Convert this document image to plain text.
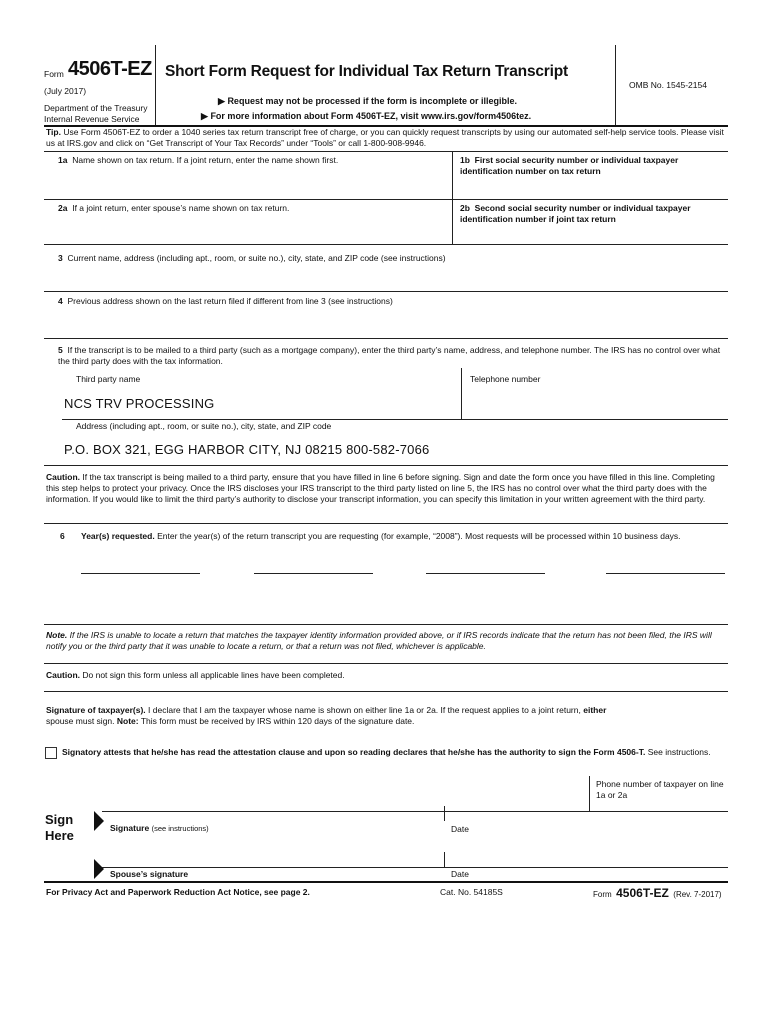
Form 4506T-EZ
(July 2017)
Department of the Treasury
Internal Revenue Service
Short Form Request for Individual Tax Return Transcript
▶ Request may not be processed if the form is incomplete or illegible.
▶ For more information about Form 4506T-EZ, visit www.irs.gov/form4506tez.
OMB No. 1545-2154
Tip. Use Form 4506T-EZ to order a 1040 series tax return transcript free of charge, or you can quickly request transcripts by using our automated self-help service tools. Please visit us at IRS.gov and click on “Get Transcript of Your Tax Records” under “Tools” or call 1-800-908-9946.
1a Name shown on tax return. If a joint return, enter the name shown first.	1b First social security number or individual taxpayer identification number on tax return
2a If a joint return, enter spouse’s name shown on tax return.	2b Second social security number or individual taxpayer identification number if joint tax return
3 Current name, address (including apt., room, or suite no.), city, state, and ZIP code (see instructions)
4 Previous address shown on the last return filed if different from line 3 (see instructions)
5 If the transcript is to be mailed to a third party (such as a mortgage company), enter the third party’s name, address, and telephone number. The IRS has no control over what the third party does with the tax information.
Third party name	Telephone number
NCS TRV PROCESSING
Address (including apt., room, or suite no.), city, state, and ZIP code
P.O. BOX 321, EGG HARBOR CITY, NJ 08215 800-582-7066
Caution. If the tax transcript is being mailed to a third party, ensure that you have filled in line 6 before signing. Sign and date the form once you have filled in this line. Completing this step helps to protect your privacy. Once the IRS discloses your IRS transcript to the third party listed on line 5, the IRS has no control over what the third party does with the information. If you would like to limit the third party’s authority to disclose your transcript information, you can specify this limitation in your written agreement with the third party.
6 Year(s) requested. Enter the year(s) of the return transcript you are requesting (for example, “2008”). Most requests will be processed within 10 business days.
Note. If the IRS is unable to locate a return that matches the taxpayer identity information provided above, or if IRS records indicate that the return has not been filed, the IRS will notify you or the third party that it was unable to locate a return, or that a return was not filed, whichever is applicable.
Caution. Do not sign this form unless all applicable lines have been completed.
Signature of taxpayer(s). I declare that I am the taxpayer whose name is shown on either line 1a or 2a. If the request applies to a joint return, either
spouse must sign. Note: This form must be received by IRS within 120 days of the signature date.
Signatory attests that he/she has read the attestation clause and upon so reading declares that he/she has the authority to sign the Form 4506-T. See instructions.
Phone number of taxpayer on line 1a or 2a
Sign
Here	Signature (see instructions)	Date
Spouse’s signature	Date
For Privacy Act and Paperwork Reduction Act Notice, see page 2.	Cat. No. 54185S	Form 4506T-EZ (Rev. 7-2017)
